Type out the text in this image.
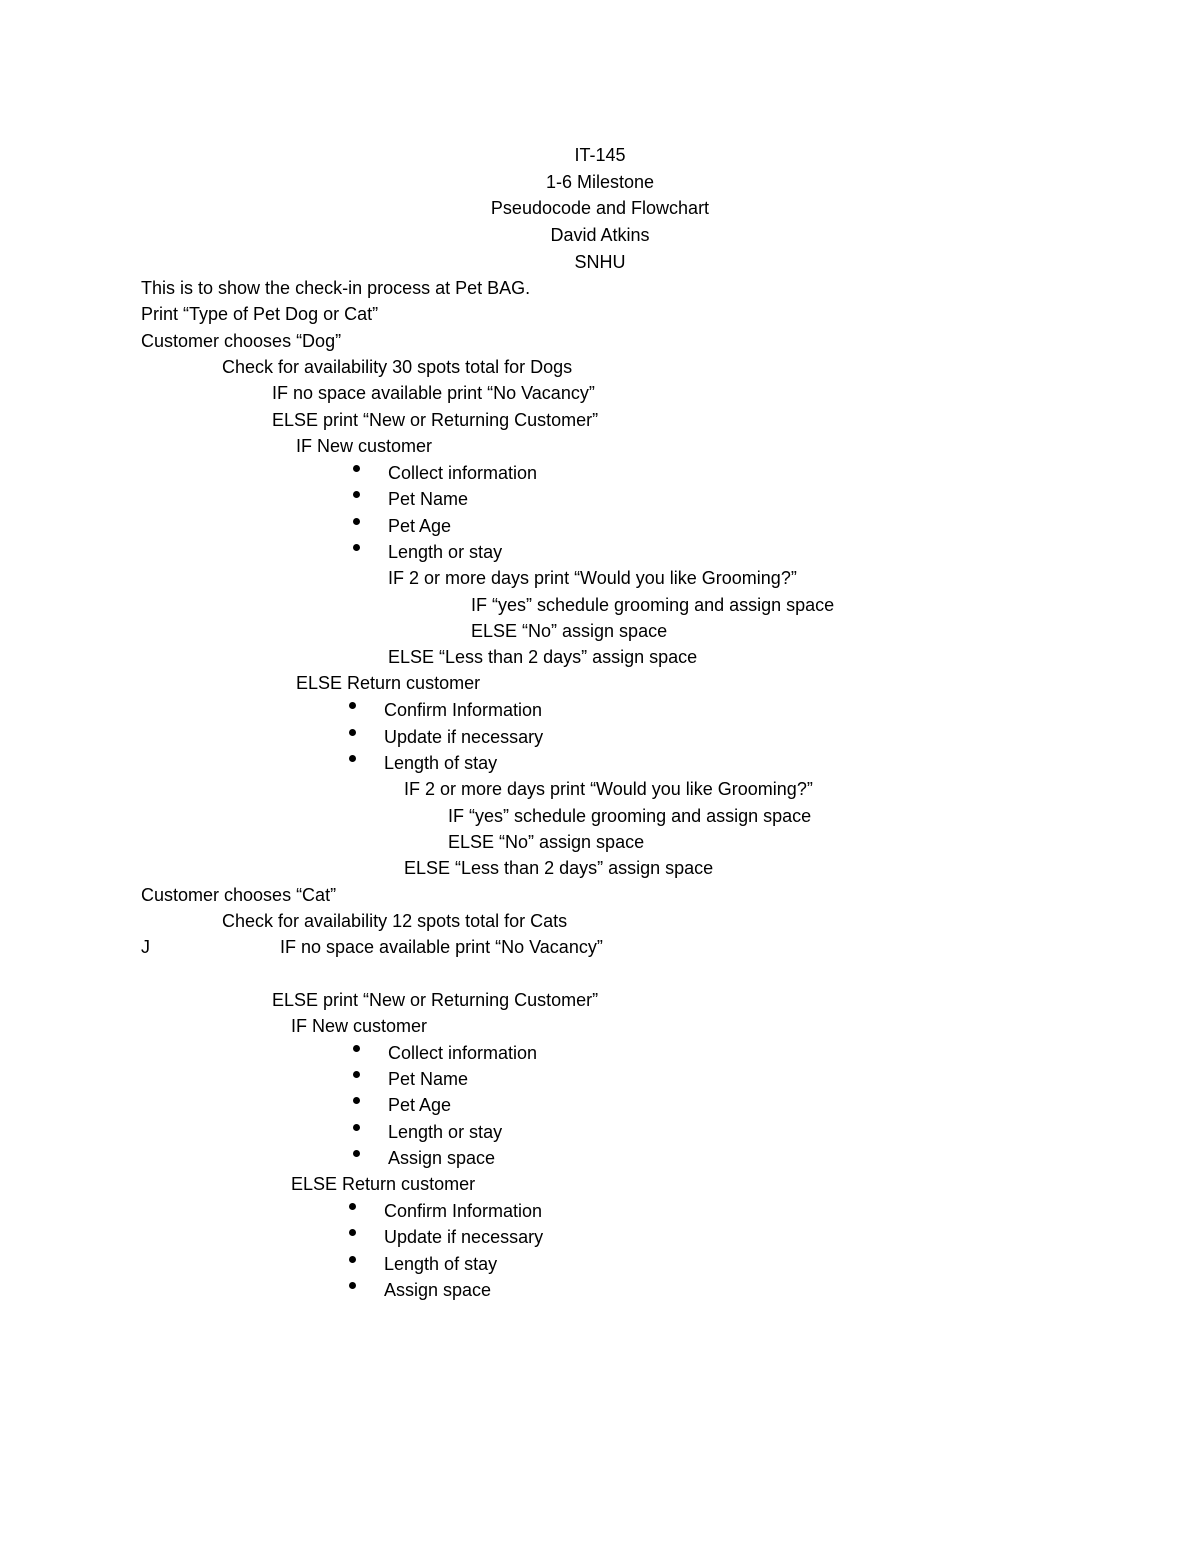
IT-145
1-6 Milestone
Pseudocode and Flowchart
David Atkins
SNHU
This is to show the check-in process at Pet BAG.
Print “Type of Pet Dog or Cat”
Customer chooses “Dog”
Check for availability 30 spots total for Dogs
IF no space available print “No Vacancy”
ELSE print “New or Returning Customer”
IF New customer
Collect information
Pet Name
Pet Age
Length or stay
IF 2 or more days print “Would you like Grooming?”
IF “yes” schedule grooming and assign space
ELSE “No” assign space
ELSE “Less than 2 days” assign space
ELSE Return customer
Confirm Information
Update if necessary
Length of stay
IF 2 or more days print “Would you like Grooming?”
IF “yes” schedule grooming and assign space
ELSE “No” assign space
ELSE “Less than 2 days” assign space
Customer chooses “Cat”
Check for availability 12 spots total for Cats
J	IF no space available print “No Vacancy”
ELSE print “New or Returning Customer”
IF New customer
Collect information
Pet Name
Pet Age
Length or stay
Assign space
ELSE Return customer
Confirm Information
Update if necessary
Length of stay
Assign space
